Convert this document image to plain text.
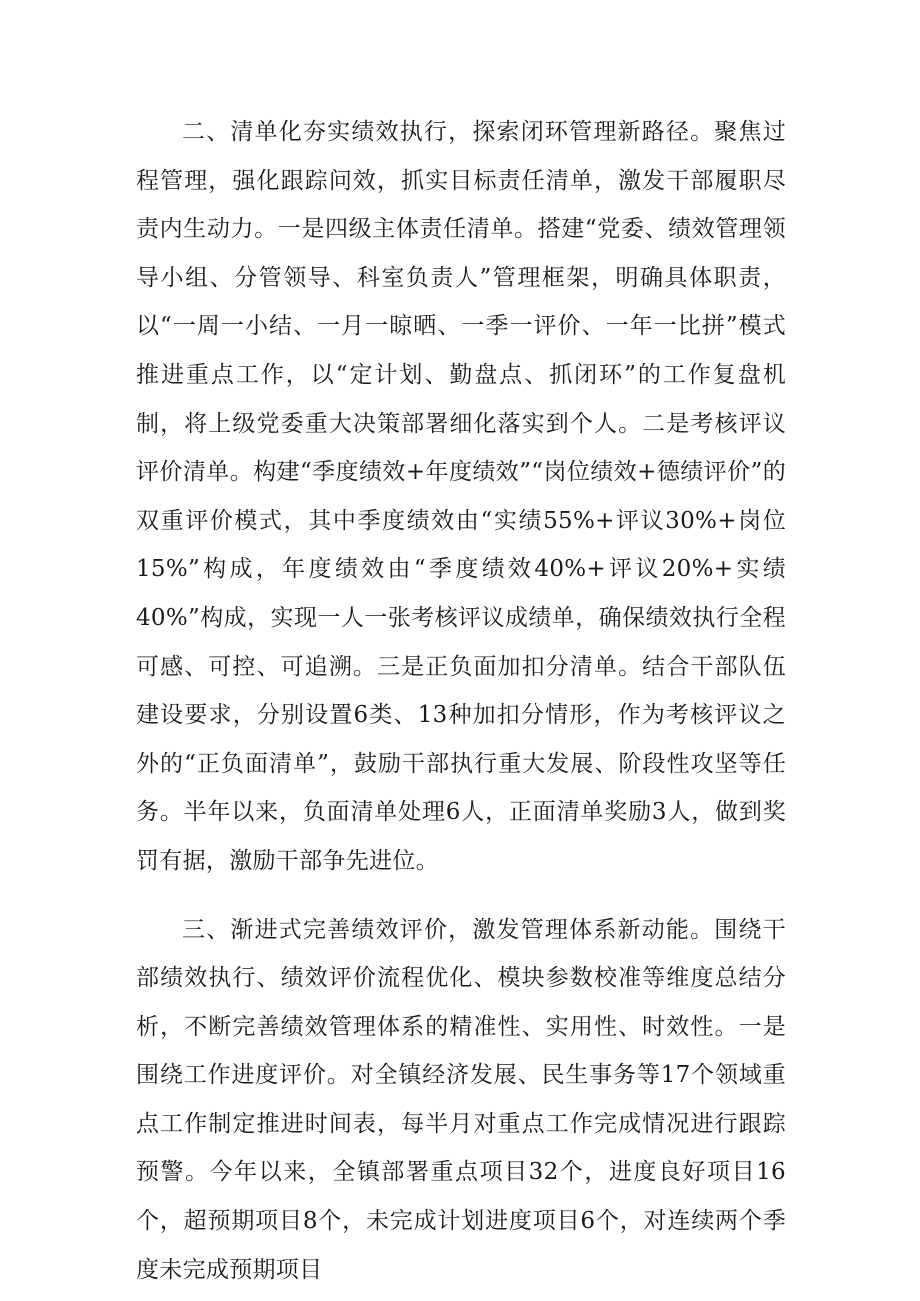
二、清单化夯实绩效执行，探索闭环管理新路径。聚焦过程管理，强化跟踪问效，抓实目标责任清单，激发干部履职尽责内生动力。一是四级主体责任清单。搭建“党委、绩效管理领导小组、分管领导、科室负责人”管理框架，明确具体职责，以“一周一小结、一月一晾晒、一季一评价、一年一比拼”模式推进重点工作，以“定计划、勤盘点、抓闭环”的工作复盘机制，将上级党委重大决策部署细化落实到个人。二是考核评议评价清单。构建“季度绩效+年度绩效”“岗位绩效+德绩评价”的双重评价模式，其中季度绩效由“实绩55%+评议30%+岗位15%”构成，年度绩效由“季度绩效40%+评议20%+实绩40%”构成，实现一人一张考核评议成绩单，确保绩效执行全程可感、可控、可追溯。三是正负面加扣分清单。结合干部队伍建设要求，分别设置6类、13种加扣分情形，作为考核评议之外的“正负面清单”，鼓励干部执行重大发展、阶段性攻坚等任务。半年以来，负面清单处理6人，正面清单奖励3人，做到奖罚有据，激励干部争先进位。

三、渐进式完善绩效评价，激发管理体系新动能。围绕干部绩效执行、绩效评价流程优化、模块参数校准等维度总结分析，不断完善绩效管理体系的精准性、实用性、时效性。一是围绕工作进度评价。对全镇经济发展、民生事务等17个领域重点工作制定推进时间表，每半月对重点工作完成情况进行跟踪预警。今年以来，全镇部署重点项目32个，进度良好项目16个，超预期项目8个，未完成计划进度项目6个，对连续两个季度未完成预期项目
